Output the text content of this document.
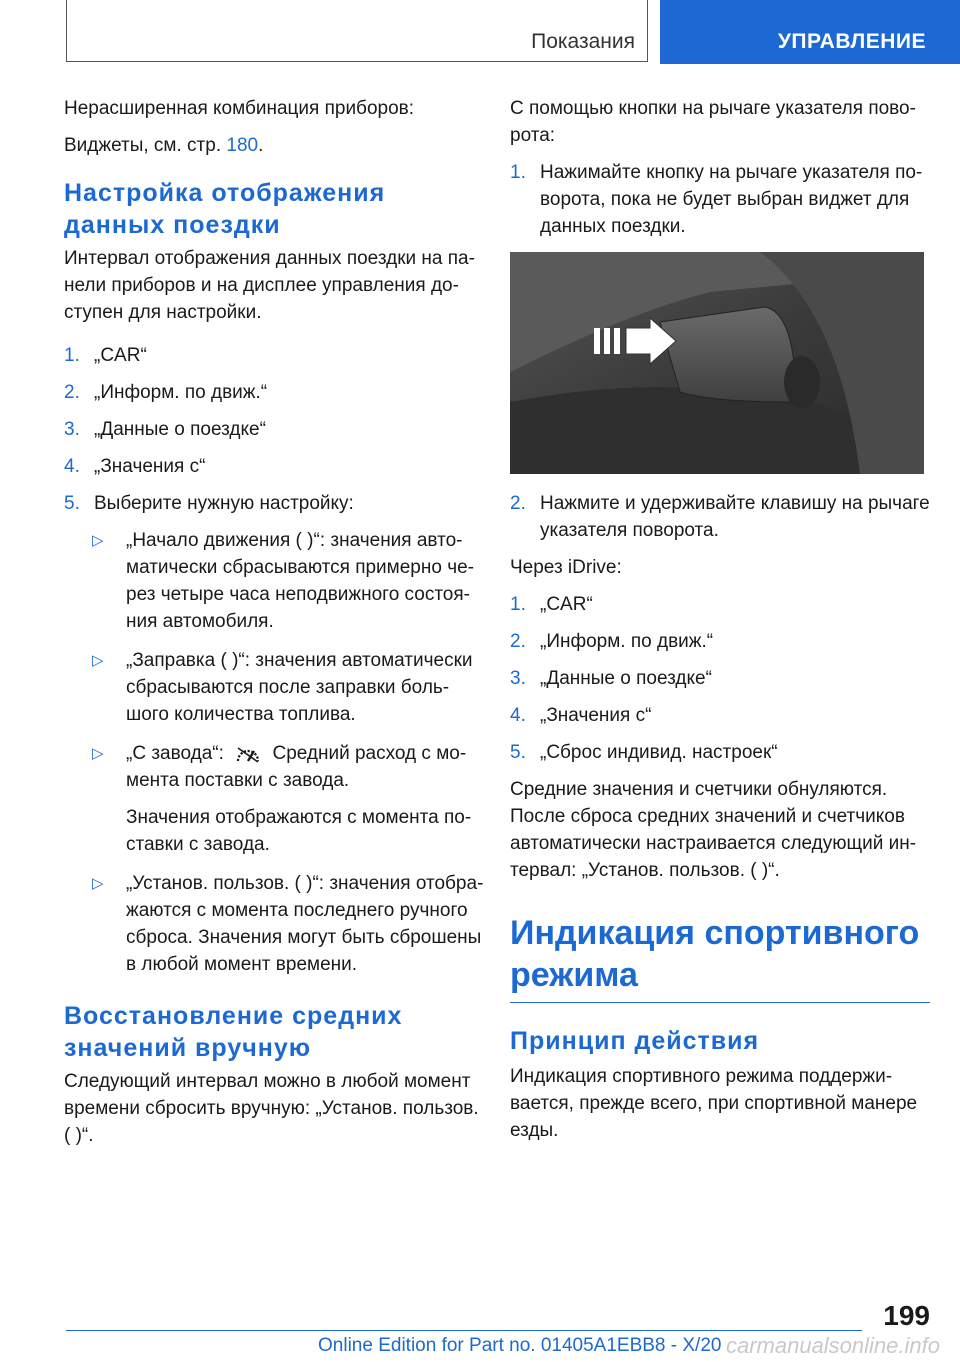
Показания	УПРАВЛЕНИЕ

Нерасширенная комбинация приборов:

Виджеты, см. стр. 180.

Настройка отображения данных поездки

Интервал отображения данных поездки на па-нели приборов и на дисплее управления до-ступен для настройки.

1. „CAR“
2. „Информ. по движ.“
3. „Данные о поездке“
4. „Значения с“
5. Выберите нужную настройку:
▷ „Начало движения ( )“: значения авто-матически сбрасываются примерно че-рез четыре часа неподвижного состоя-ния автомобиля.
▷ „Заправка ( )“: значения автоматически сбрасываются после заправки боль-шого количества топлива.
▷ „С завода“:	Средний расход с мо-мента поставки с завода.
Значения отображаются с момента по-ставки с завода.
▷ „Установ. пользов. ( )“: значения отобра-жаются с момента последнего ручного сброса. Значения могут быть сброшены в любой момент времени.
Восстановление средних значений вручную

Следующий интервал можно в любой момент времени сбросить вручную: „Установ. пользов. ( )“.

С помощью кнопки на рычаге указателя пово-рота:

1. Нажимайте кнопку на рычаге указателя по-ворота, пока не будет выбран виджет для данных поездки.
2. Нажмите и удерживайте клавишу на рычаге указателя поворота.

Через iDrive:

1. „CAR“
2. „Информ. по движ.“
3. „Данные о поездке“
4. „Значения с“
5. „Сброс индивид. настроек“

Средние значения и счетчики обнуляются. После сброса средних значений и счетчиков автоматически настраивается следующий ин-тервал: „Установ. пользов. ( )“.

Индикация спортивного режима
Принцип действия

Индикация спортивного режима поддержи-вается, прежде всего, при спортивной манере езды.

199
Online Edition for Part no. 01405A1EBB8 - X/20 carmanualsonline.info
